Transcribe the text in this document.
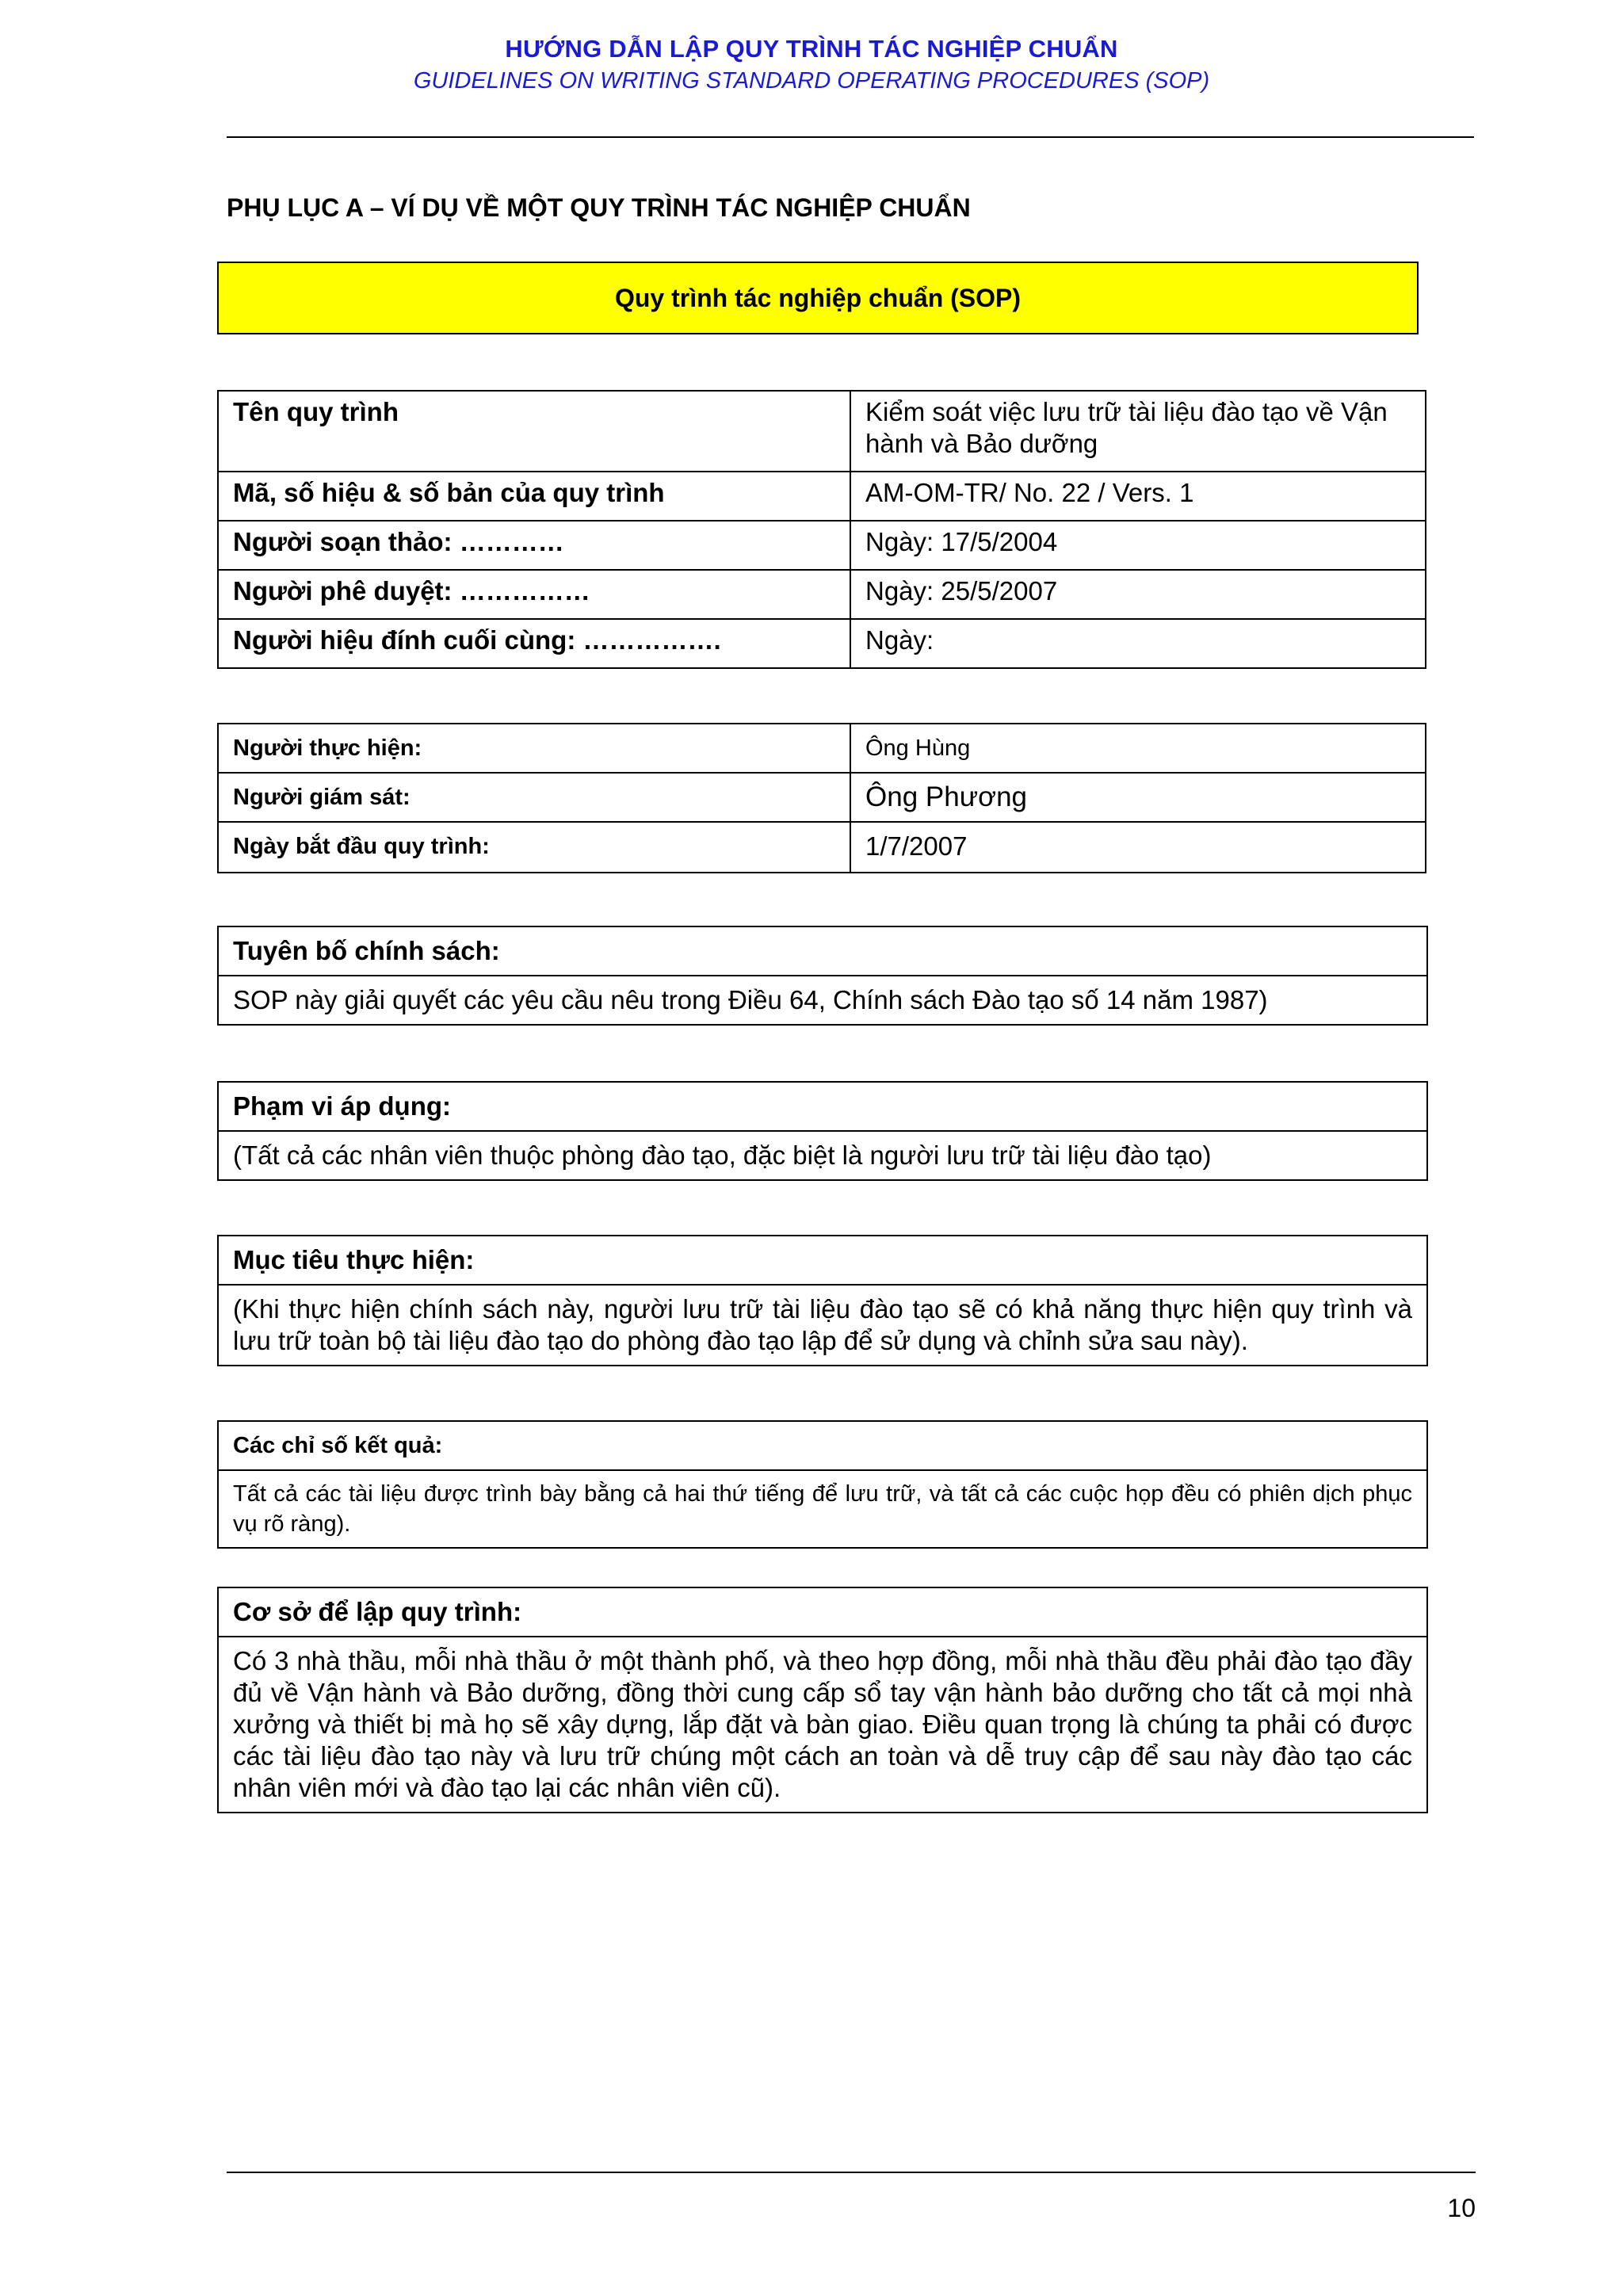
HƯỚNG DẪN LẬP QUY TRÌNH TÁC NGHIỆP CHUẨN
GUIDELINES ON WRITING STANDARD OPERATING PROCEDURES (SOP)
PHỤ LỤC A – VÍ DỤ VỀ MỘT QUY TRÌNH TÁC NGHIỆP CHUẨN
Quy trình tác nghiệp chuẩn (SOP)
Tên quy trình	Kiểm soát việc lưu trữ tài liệu đào tạo về Vận hành và Bảo dưỡng
Mã, số hiệu & số bản của quy trình	AM-OM-TR/ No. 22 / Vers. 1
Người soạn thảo: …………	Ngày: 17/5/2004
Người phê duyệt: ……………	Ngày: 25/5/2007
Người hiệu đính cuối cùng: …………….	Ngày:
Người thực hiện:	Ông Hùng
Người giám sát:	Ông Phương
Ngày bắt đầu quy trình:	1/7/2007
Tuyên bố chính sách:
SOP này giải quyết các yêu cầu nêu trong Điều 64, Chính sách Đào tạo số 14 năm 1987)
Phạm vi áp dụng:
(Tất cả các nhân viên thuộc phòng đào tạo, đặc biệt là người lưu trữ tài liệu đào tạo)
Mục tiêu thực hiện:
(Khi thực hiện chính sách này, người lưu trữ tài liệu đào tạo sẽ có khả năng thực hiện quy trình và lưu trữ toàn bộ tài liệu đào tạo do phòng đào tạo lập để sử dụng và chỉnh sửa sau này).
Các chỉ số kết quả:
Tất cả các tài liệu được trình bày bằng cả hai thứ tiếng để lưu trữ, và tất cả các cuộc họp đều có phiên dịch phục vụ rõ ràng).
Cơ sở để lập quy trình:
Có 3 nhà thầu, mỗi nhà thầu ở một thành phố, và theo hợp đồng, mỗi nhà thầu đều phải đào tạo đầy đủ về Vận hành và Bảo dưỡng, đồng thời cung cấp sổ tay vận hành bảo dưỡng cho tất cả mọi nhà xưởng và thiết bị mà họ sẽ xây dựng, lắp đặt và bàn giao. Điều quan trọng là chúng ta phải có được các tài liệu đào tạo này và lưu trữ chúng một cách an toàn và dễ truy cập để sau này đào tạo các nhân viên mới và đào tạo lại các nhân viên cũ).
10
